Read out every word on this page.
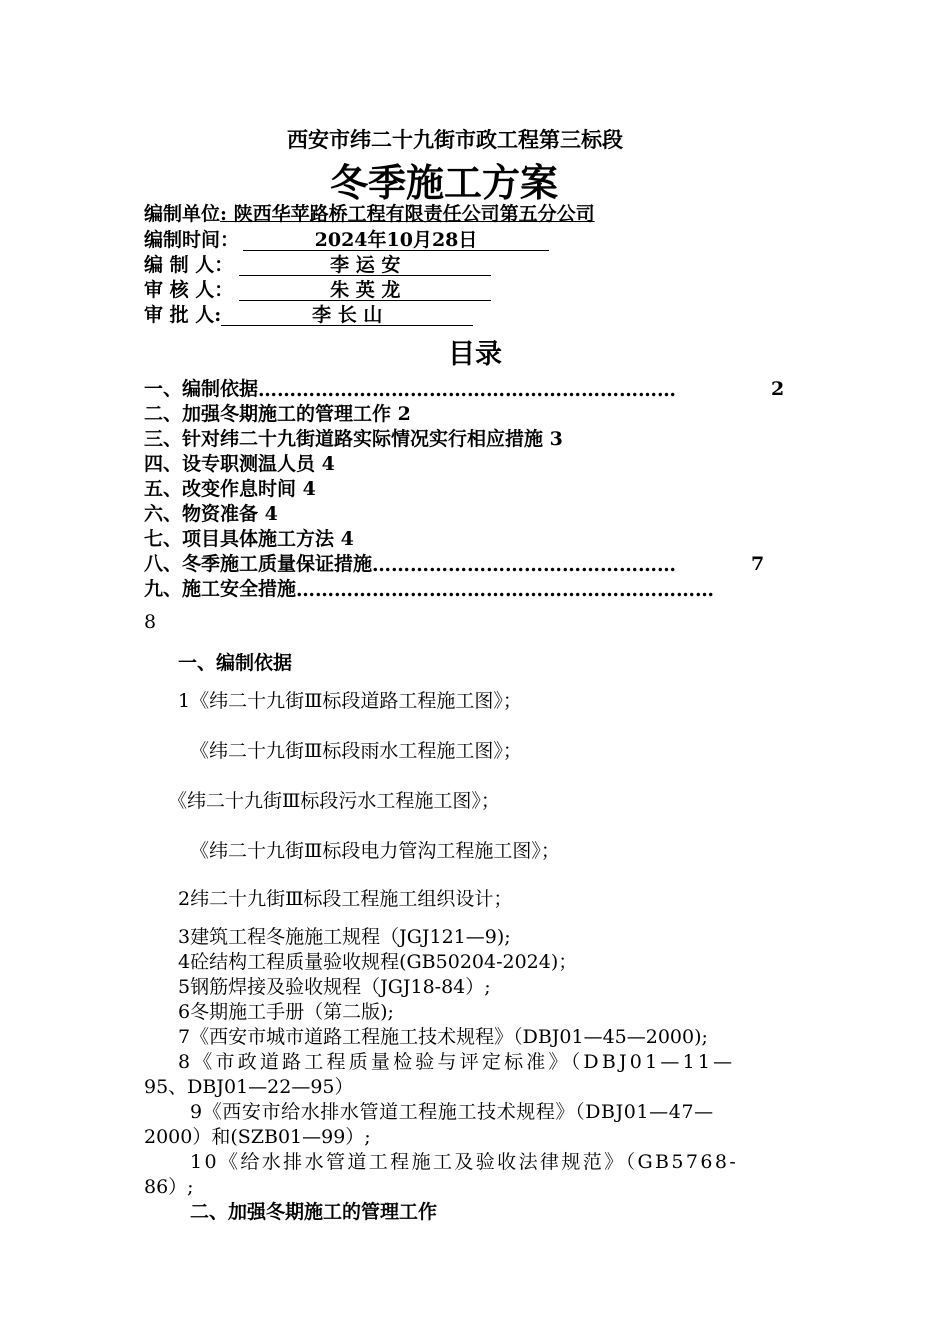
西安市纬二十九街市政工程第三标段
冬季施工方案
编制单位: 陕西华苹路桥工程有限责任公司第五分公司
编制时间：	2024年10月28日
编 制 人：	李 运 安
审 核 人：	朱 英 龙
审 批 人:	李 长 山
目录
一、编制依据…………………………………………………………	2
二、加强冬期施工的管理工作 2
三、针对纬二十九街道路实际情况实行相应措施 3
四、设专职测温人员 4
五、改变作息时间 4
六、物资准备 4
七、项目具体施工方法 4
八、冬季施工质量保证措施…………………………………………	7
九、施工安全措施…………………………………………………………
8
一、编制依据
1《纬二十九街Ⅲ标段道路工程施工图》；
《纬二十九街Ⅲ标段雨水工程施工图》；
《纬二十九街Ⅲ标段污水工程施工图》；
《纬二十九街Ⅲ标段电力管沟工程施工图》；
2纬二十九街Ⅲ标段工程施工组织设计；
3建筑工程冬施施工规程（JGJ121—9);
4砼结构工程质量验收规程(GB50204-2024)；
5钢筋焊接及验收规程（JGJ18-84）;
6冬期施工手册（第二版);
7《西安市城市道路工程施工技术规程》（DBJ01—45—2000);
8《市政道路工程质量检验与评定标准》（DBJ01—11—
95、DBJ01—22—95）
9《西安市给水排水管道工程施工技术规程》（DBJ01—47—
2000）和(SZB01—99）;
10《给水排水管道工程施工及验收法律规范》（GB5768-
86）;
二、加强冬期施工的管理工作
